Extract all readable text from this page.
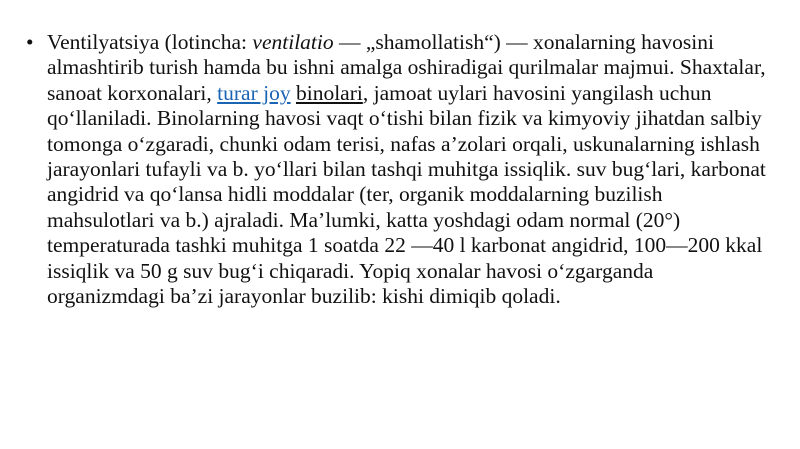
• Ventilyatsiya (lotincha: ventilatio — „shamollatish“) — xonalarning havosini almashtirib turish hamda bu ishni amalga oshiradigai qurilmalar majmui. Shaxtalar, sanoat korxonalari, turar joy binolari, jamoat uylari havosini yangilash uchun qo‘llaniladi. Binolarning havosi vaqt o‘tishi bilan fizik va kimyoviy jihatdan salbiy tomonga o‘zgaradi, chunki odam terisi, nafas a’zolari orqali, uskunalarning ishlash jarayonlari tufayli va b. yo‘llari bilan tashqi muhitga issiqlik. suv bug‘lari, karbonat angidrid va qo‘lansa hidli moddalar (ter, organik moddalarning buzilish mahsulotlari va b.) ajraladi. Ma’lumki, katta yoshdagi odam normal (20°) temperaturada tashki muhitga 1 soatda 22 —40 l karbonat angidrid, 100—200 kkal issiqlik va 50 g suv bug‘i chiqaradi. Yopiq xonalar havosi o‘zgarganda organizmdagi ba’zi jarayonlar buzilib: kishi dimiqib qoladi.
